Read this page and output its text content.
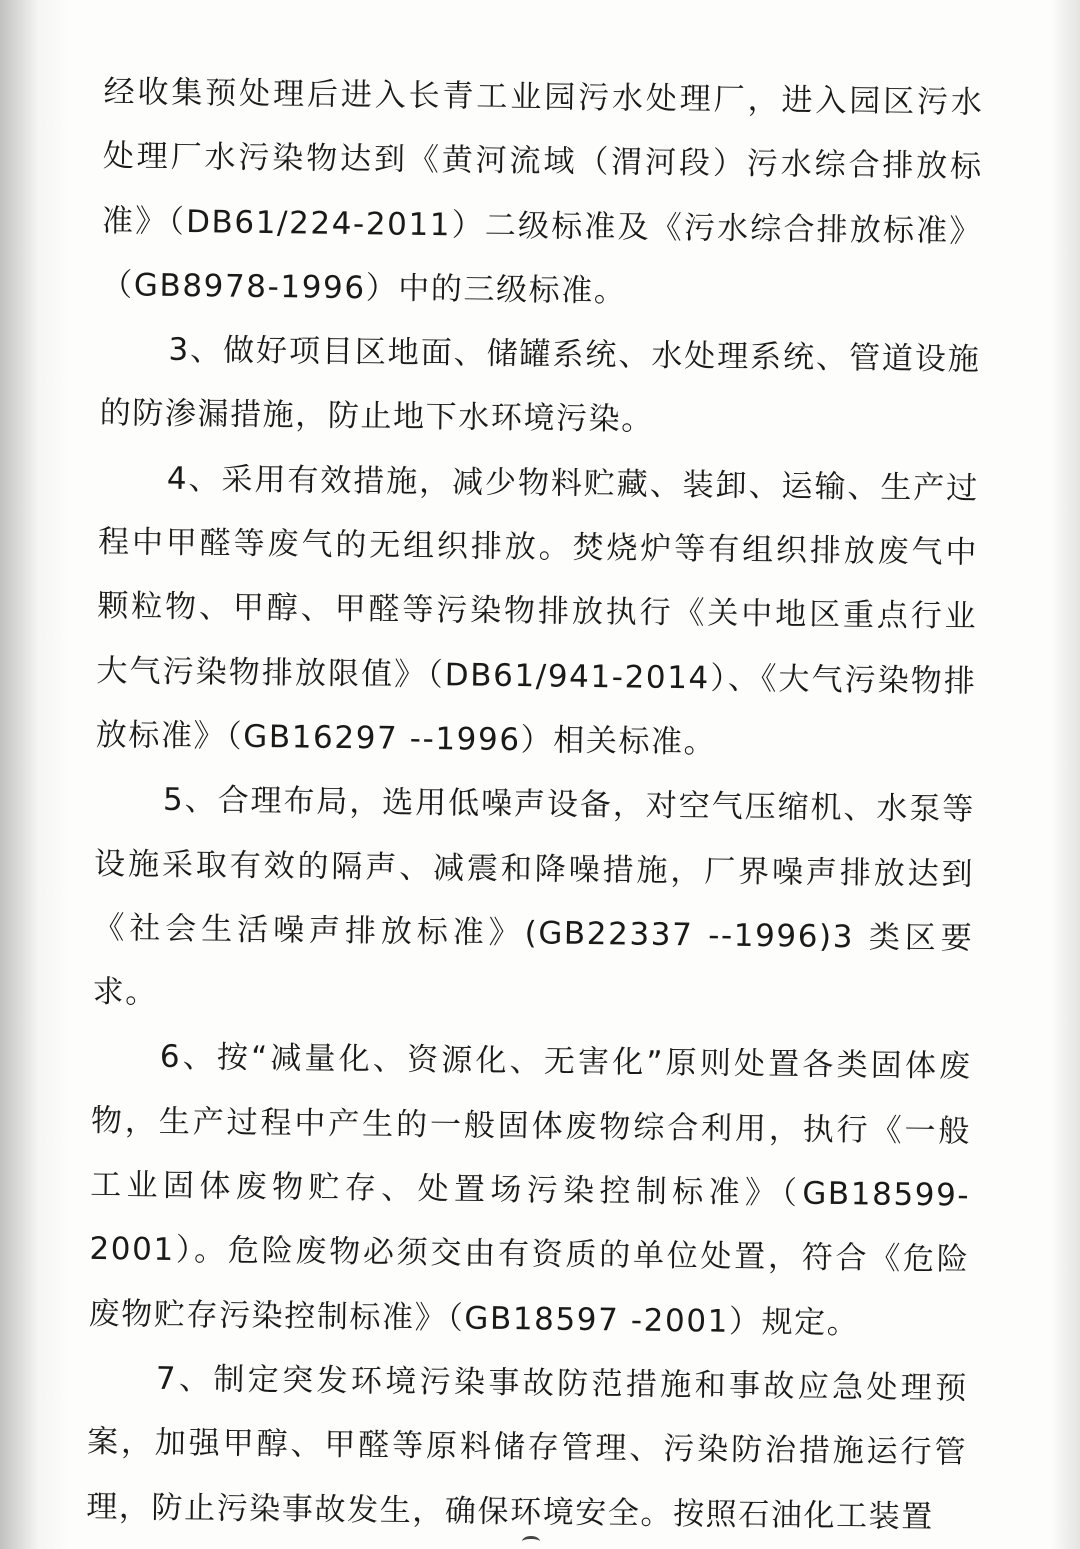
经收集预处理后进入长青工业园污水处理厂，进入园区污水处理厂水污染物达到《黄河流域（渭河段）污水综合排放标准》（DB61/224-2011）二级标准及《污水综合排放标准》（GB8978-1996）中的三级标准。

3、做好项目区地面、储罐系统、水处理系统、管道设施的防渗漏措施，防止地下水环境污染。

4、采用有效措施，减少物料贮藏、装卸、运输、生产过程中甲醛等废气的无组织排放。焚烧炉等有组织排放废气中颗粒物、甲醇、甲醛等污染物排放执行《关中地区重点行业大气污染物排放限值》（DB61/941-2014）、《大气污染物排放标准》（GB16297 --1996）相关标准。

5、合理布局，选用低噪声设备，对空气压缩机、水泵等设施采取有效的隔声、减震和降噪措施，厂界噪声排放达到《社会生活噪声排放标准》(GB22337 --1996)3 类区要求。

6、按“减量化、资源化、无害化”原则处置各类固体废物，生产过程中产生的一般固体废物综合利用，执行《一般工业固体废物贮存、处置场污染控制标准》（GB18599-2001）。危险废物必须交由有资质的单位处置，符合《危险废物贮存污染控制标准》（GB18597 -2001）规定。

7、制定突发环境污染事故防范措施和事故应急处理预案，加强甲醇、甲醛等原料储存管理、污染防治措施运行管理，防止污染事故发生，确保环境安全。按照石油化工装置
